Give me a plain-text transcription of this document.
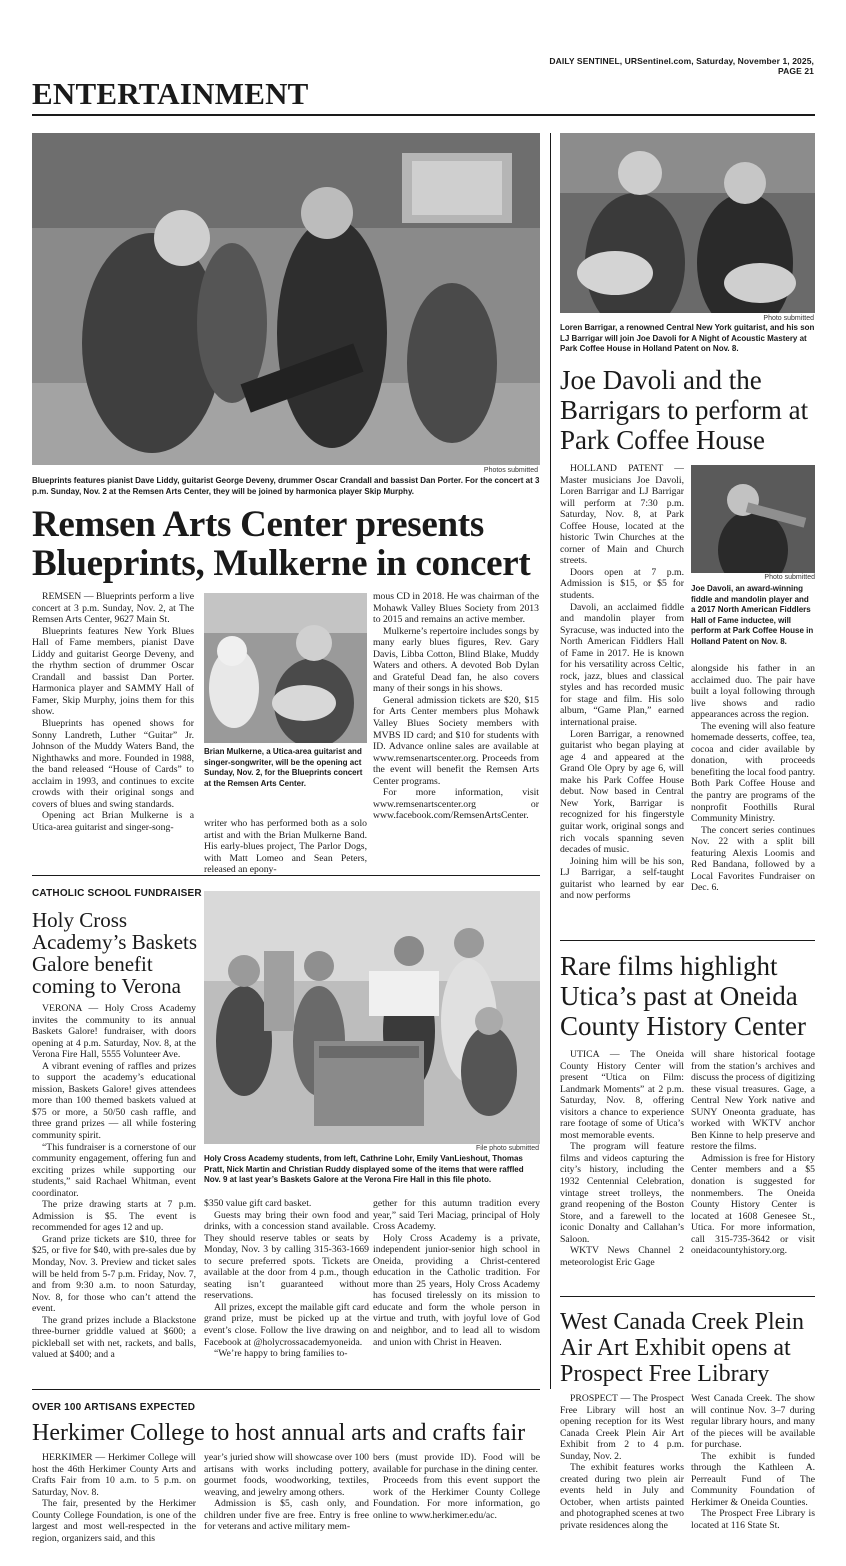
DAILY SENTINEL, URSentinel.com, Saturday, November 1, 2025, PAGE 21
ENTERTAINMENT
Photos submitted
Blueprints features pianist Dave Liddy, guitarist George Deveny, drummer Oscar Crandall and bassist Dan Porter. For the concert at 3 p.m. Sunday, Nov. 2 at the Remsen Arts Center, they will be joined by harmonica player Skip Murphy.
Remsen Arts Center presents
Blueprints, Mulkerne in concert

REMSEN — Blueprints perform a live concert at 3 p.m. Sunday, Nov. 2, at The Remsen Arts Center, 9627 Main St.

Blueprints features New York Blues Hall of Fame members, pianist Dave Liddy and guitarist George Deveny, and the rhythm section of drummer Oscar Crandall and bassist Dan Porter. Harmonica player and SAMMY Hall of Famer, Skip Murphy, joins them for this show.

Blueprints has opened shows for Sonny Landreth, Luther “Guitar” Jr. Johnson of the Muddy Waters Band, the Nighthawks and more. Founded in 1988, the band released “House of Cards” to acclaim in 1993, and continues to excite crowds with their original songs and covers of blues and swing standards.

Opening act Brian Mulkerne is a Utica-area guitarist and singer-song-

Brian Mulkerne, a Utica-area guitarist and singer-songwriter, will be the opening act Sunday, Nov. 2, for the Blueprints concert at the Remsen Arts Center.

writer who has performed both as a solo artist and with the Brian Mulkerne Band. His early-blues project, The Parlor Dogs, with Matt Lomeo and Sean Peters, released an epony-

mous CD in 2018. He was chairman of the Mohawk Valley Blues Society from 2013 to 2015 and remains an active member.

Mulkerne’s repertoire includes songs by many early blues figures, Rev. Gary Davis, Libba Cotton, Blind Blake, Muddy Waters and others. A devoted Bob Dylan and Grateful Dead fan, he also covers many of their songs in his shows.

General admission tickets are $20, $15 for Arts Center members plus Mohawk Valley Blues Society members with MVBS ID card; and $10 for students with ID. Advance online sales are available at www.remsenartscenter.org. Proceeds from the event will benefit the Remsen Arts Center programs.

For more information, visit www.remsenartscenter.org or www.facebook.com/RemsenArtsCenter.

Photo submitted
Loren Barrigar, a renowned Central New York guitarist, and his son LJ Barrigar will join Joe Davoli for A Night of Acoustic Mastery at Park Coffee House in Holland Patent on Nov. 8.
Joe Davoli and the Barrigars to perform at Park Coffee House

HOLLAND PATENT — Master musicians Joe Davoli, Loren Barrigar and LJ Barrigar will perform at 7:30 p.m. Saturday, Nov. 8, at Park Coffee House, located at the historic Twin Churches at the corner of Main and Church streets.

Doors open at 7 p.m. Admission is $15, or $5 for students.

Davoli, an acclaimed fiddle and mandolin player from Syracuse, was inducted into the North American Fiddlers Hall of Fame in 2017. He is known for his versatility across Celtic, rock, jazz, blues and classical styles and has recorded music for stage and film. His solo album, “Game Plan,” earned international praise.

Loren Barrigar, a renowned guitarist who began playing at age 4 and appeared at the Grand Ole Opry by age 6, will make his Park Coffee House debut. Now based in Central New York, Barrigar is recognized for his fingerstyle guitar work, original songs and rich vocals spanning seven decades of music.

Joining him will be his son, LJ Barrigar, a self-taught guitarist who learned by ear and now performs

Photo submitted
Joe Davoli, an award-winning fiddle and mandolin player and a 2017 North American Fiddlers Hall of Fame inductee, will perform at Park Coffee House in Holland Patent on Nov. 8.

alongside his father in an acclaimed duo. The pair have built a loyal following through live shows and radio appearances across the region.

The evening will also feature homemade desserts, coffee, tea, cocoa and cider available by donation, with proceeds benefiting the local food pantry. Both Park Coffee House and the pantry are programs of the nonprofit Foothills Rural Community Ministry.

The concert series continues Nov. 22 with a split bill featuring Alexis Loomis and Red Bandana, followed by a Local Favorites Fundraiser on Dec. 6.

CATHOLIC SCHOOL FUNDRAISER
Holy Cross Academy’s Baskets Galore benefit coming to Verona

VERONA — Holy Cross Academy invites the community to its annual Baskets Galore! fundraiser, with doors opening at 4 p.m. Saturday, Nov. 8, at the Verona Fire Hall, 5555 Volunteer Ave.

A vibrant evening of raffles and prizes to support the academy’s educational mission, Baskets Galore! gives attendees more than 100 themed baskets valued at $75 or more, a 50/50 cash raffle, and three grand prizes — all while fostering community spirit.

“This fundraiser is a cornerstone of our community engagement, offering fun and exciting prizes while supporting our students,” said Rachael Whitman, event coordinator.

The prize drawing starts at 7 p.m. Admission is $5. The event is recommended for ages 12 and up.

Grand prize tickets are $10, three for $25, or five for $40, with pre-sales due by Monday, Nov. 3. Preview and ticket sales will be held from 5-7 p.m. Friday, Nov. 7, and from 9:30 a.m. to noon Saturday, Nov. 8, for those who can’t attend the event.

The grand prizes include a Blackstone three-burner griddle valued at $600; a pickleball set with net, rackets, and balls, valued at $400; and a

File photo submitted
Holy Cross Academy students, from left, Cathrine Lohr, Emily VanLieshout, Thomas Pratt, Nick Martin and Christian Ruddy displayed some of the items that were raffled Nov. 9 at last year’s Baskets Galore at the Verona Fire Hall in this file photo.

$350 value gift card basket.

Guests may bring their own food and drinks, with a concession stand available. They should reserve tables or seats by Monday, Nov. 3 by calling 315-363-1669 to secure preferred spots. Tickets are available at the door from 4 p.m., though seating isn’t guaranteed without reservations.

All prizes, except the mailable gift card grand prize, must be picked up at the event’s close. Follow the live drawing on Facebook at @holycrossacademyoneida.

“We’re happy to bring families to-

gether for this autumn tradition every year,” said Teri Maciag, principal of Holy Cross Academy.

Holy Cross Academy is a private, independent junior-senior high school in Oneida, providing a Christ-centered education in the Catholic tradition. For more than 25 years, Holy Cross Academy has focused tirelessly on its mission to educate and form the whole person in virtue and truth, with joyful love of God and neighbor, and to lead all to wisdom and union with Christ in Heaven.

Rare films highlight Utica’s past at Oneida County History Center

UTICA — The Oneida County History Center will present “Utica on Film: Landmark Moments” at 2 p.m. Saturday, Nov. 8, offering visitors a chance to experience rare footage of some of Utica’s most memorable events.

The program will feature films and videos capturing the city’s history, including the 1932 Centennial Celebration, vintage street trolleys, the grand reopening of the Boston Store, and a farewell to the iconic Donalty and Callahan’s Saloon.

WKTV News Channel 2 meteorologist Eric Gage

will share historical footage from the station’s archives and discuss the process of digitizing these visual treasures. Gage, a Central New York native and SUNY Oneonta graduate, has worked with WKTV anchor Ben Kinne to help preserve and restore the films.

Admission is free for History Center members and a $5 donation is suggested for nonmembers. The Oneida County History Center is located at 1608 Genesee St., Utica. For more information, call 315-735-3642 or visit oneidacountyhistory.org.

West Canada Creek Plein Air Art Exhibit opens at Prospect Free Library

PROSPECT — The Prospect Free Library will host an opening reception for its West Canada Creek Plein Air Art Exhibit from 2 to 4 p.m. Sunday, Nov. 2.

The exhibit features works created during two plein air events held in July and October, when artists painted and photographed scenes at two private residences along the

West Canada Creek. The show will continue Nov. 3–7 during regular library hours, and many of the pieces will be available for purchase.

The exhibit is funded through the Kathleen A. Perreault Fund of The Community Foundation of Herkimer & Oneida Counties.

The Prospect Free Library is located at 116 State St.

OVER 100 ARTISANS EXPECTED
Herkimer College to host annual arts and crafts fair

HERKIMER — Herkimer College will host the 46th Herkimer County Arts and Crafts Fair from 10 a.m. to 5 p.m. on Saturday, Nov. 8.

The fair, presented by the Herkimer County College Foundation, is one of the largest and most well-respected in the region, organizers said, and this

year’s juried show will showcase over 100 artisans with works including pottery, gourmet foods, woodworking, textiles, weaving, and jewelry among others.

Admission is $5, cash only, and children under five are free. Entry is free for veterans and active military mem-

bers (must provide ID). Food will be available for purchase in the dining center.

Proceeds from this event support the work of the Herkimer County College Foundation. For more information, go online to www.herkimer.edu/ac.
